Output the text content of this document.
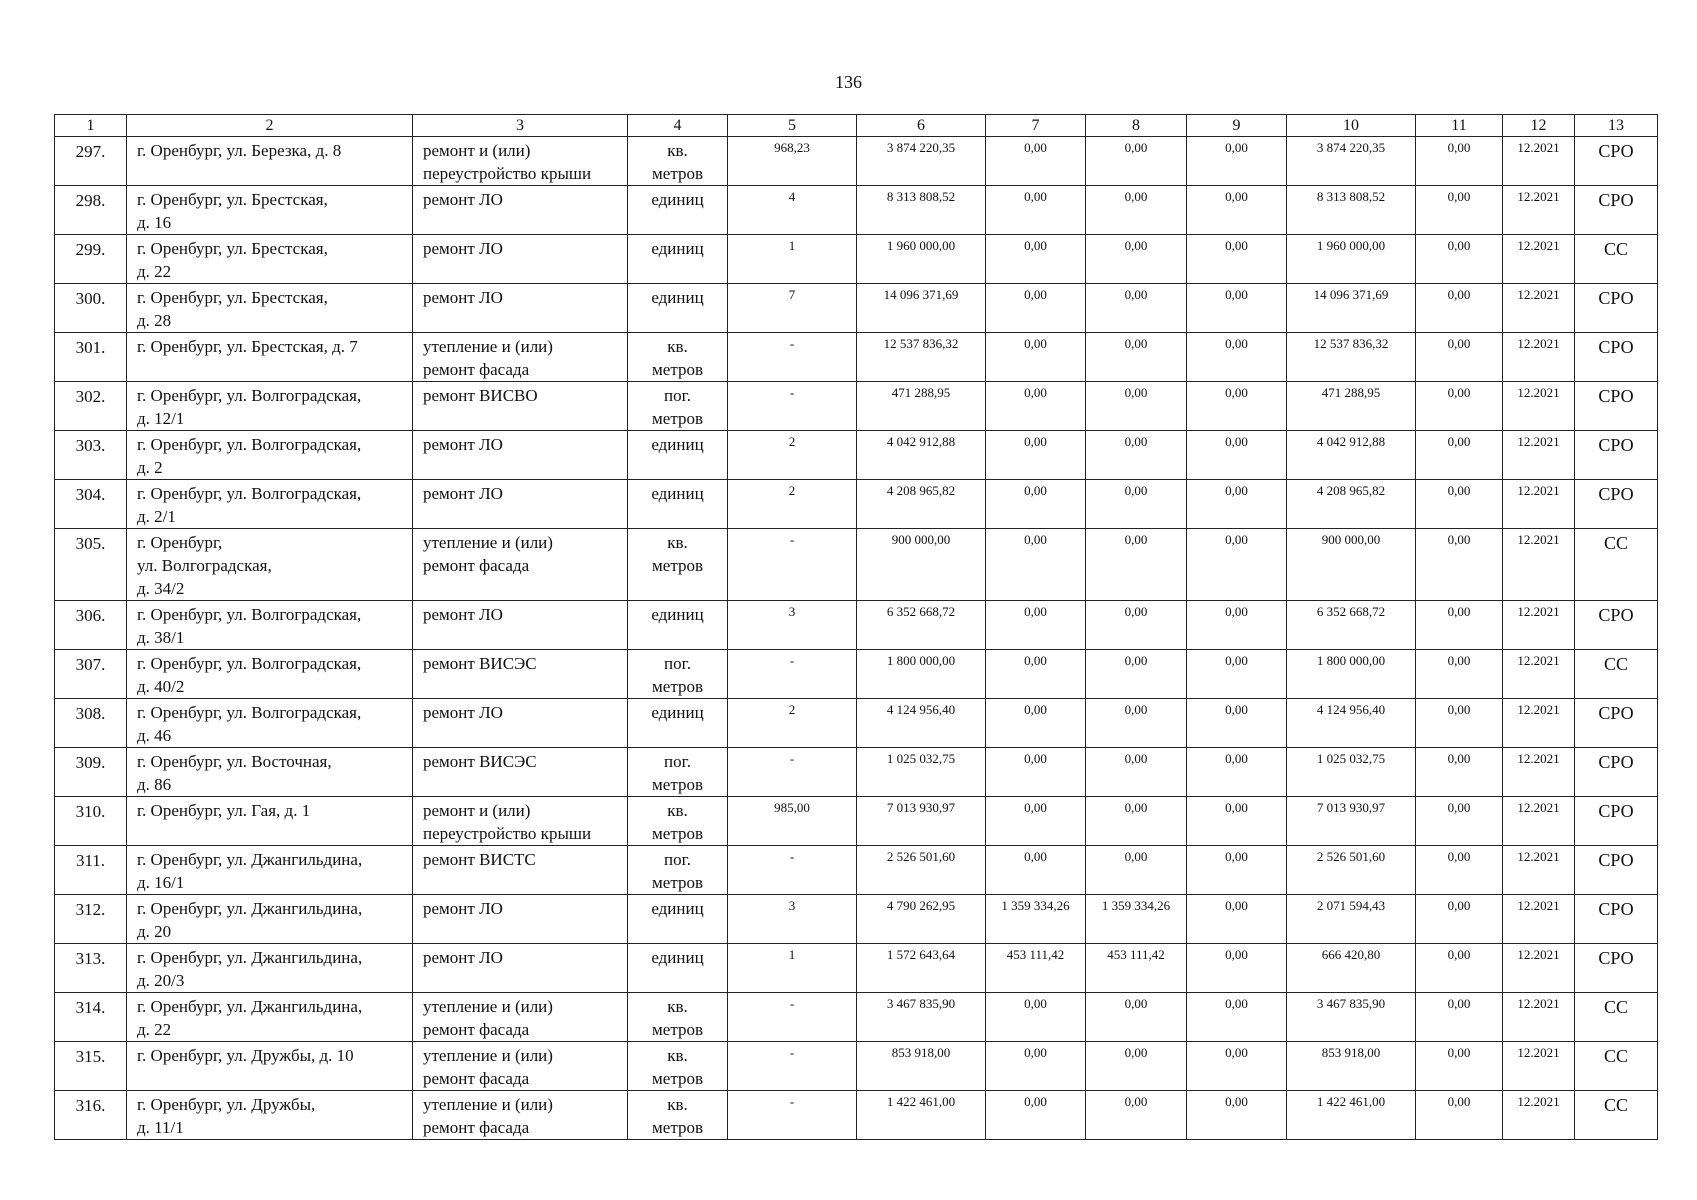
136
1	2	3	4	5	6	7	8	9	10	11	12	13
297.	г. Оренбург, ул. Березка, д. 8	ремонт и (или)
переустройство крыши	кв.
метров	968,23	3 874 220,35	0,00	0,00	0,00	3 874 220,35	0,00	12.2021	СРО
298.	г. Оренбург, ул. Брестская,
д. 16	ремонт ЛО	единиц	4	8 313 808,52	0,00	0,00	0,00	8 313 808,52	0,00	12.2021	СРО
299.	г. Оренбург, ул. Брестская,
д. 22	ремонт ЛО	единиц	1	1 960 000,00	0,00	0,00	0,00	1 960 000,00	0,00	12.2021	СС
300.	г. Оренбург, ул. Брестская,
д. 28	ремонт ЛО	единиц	7	14 096 371,69	0,00	0,00	0,00	14 096 371,69	0,00	12.2021	СРО
301.	г. Оренбург, ул. Брестская, д. 7	утепление и (или)
ремонт фасада	кв.
метров	-	12 537 836,32	0,00	0,00	0,00	12 537 836,32	0,00	12.2021	СРО
302.	г. Оренбург, ул. Волгоградская,
д. 12/1	ремонт ВИСВО	пог.
метров	-	471 288,95	0,00	0,00	0,00	471 288,95	0,00	12.2021	СРО
303.	г. Оренбург, ул. Волгоградская,
д. 2	ремонт ЛО	единиц	2	4 042 912,88	0,00	0,00	0,00	4 042 912,88	0,00	12.2021	СРО
304.	г. Оренбург, ул. Волгоградская,
д. 2/1	ремонт ЛО	единиц	2	4 208 965,82	0,00	0,00	0,00	4 208 965,82	0,00	12.2021	СРО
305.	г. Оренбург,
ул. Волгоградская,
д. 34/2	утепление и (или)
ремонт фасада	кв.
метров	-	900 000,00	0,00	0,00	0,00	900 000,00	0,00	12.2021	СС
306.	г. Оренбург, ул. Волгоградская,
д. 38/1	ремонт ЛО	единиц	3	6 352 668,72	0,00	0,00	0,00	6 352 668,72	0,00	12.2021	СРО
307.	г. Оренбург, ул. Волгоградская,
д. 40/2	ремонт ВИСЭС	пог.
метров	-	1 800 000,00	0,00	0,00	0,00	1 800 000,00	0,00	12.2021	СС
308.	г. Оренбург, ул. Волгоградская,
д. 46	ремонт ЛО	единиц	2	4 124 956,40	0,00	0,00	0,00	4 124 956,40	0,00	12.2021	СРО
309.	г. Оренбург, ул. Восточная,
д. 86	ремонт ВИСЭС	пог.
метров	-	1 025 032,75	0,00	0,00	0,00	1 025 032,75	0,00	12.2021	СРО
310.	г. Оренбург, ул. Гая, д. 1	ремонт и (или)
переустройство крыши	кв.
метров	985,00	7 013 930,97	0,00	0,00	0,00	7 013 930,97	0,00	12.2021	СРО
311.	г. Оренбург, ул. Джангильдина,
д. 16/1	ремонт ВИСТС	пог.
метров	-	2 526 501,60	0,00	0,00	0,00	2 526 501,60	0,00	12.2021	СРО
312.	г. Оренбург, ул. Джангильдина,
д. 20	ремонт ЛО	единиц	3	4 790 262,95	1 359 334,26	1 359 334,26	0,00	2 071 594,43	0,00	12.2021	СРО
313.	г. Оренбург, ул. Джангильдина,
д. 20/3	ремонт ЛО	единиц	1	1 572 643,64	453 111,42	453 111,42	0,00	666 420,80	0,00	12.2021	СРО
314.	г. Оренбург, ул. Джангильдина,
д. 22	утепление и (или)
ремонт фасада	кв.
метров	-	3 467 835,90	0,00	0,00	0,00	3 467 835,90	0,00	12.2021	СС
315.	г. Оренбург, ул. Дружбы, д. 10	утепление и (или)
ремонт фасада	кв.
метров	-	853 918,00	0,00	0,00	0,00	853 918,00	0,00	12.2021	СС
316.	г. Оренбург, ул. Дружбы,
д. 11/1	утепление и (или)
ремонт фасада	кв.
метров	-	1 422 461,00	0,00	0,00	0,00	1 422 461,00	0,00	12.2021	СС
